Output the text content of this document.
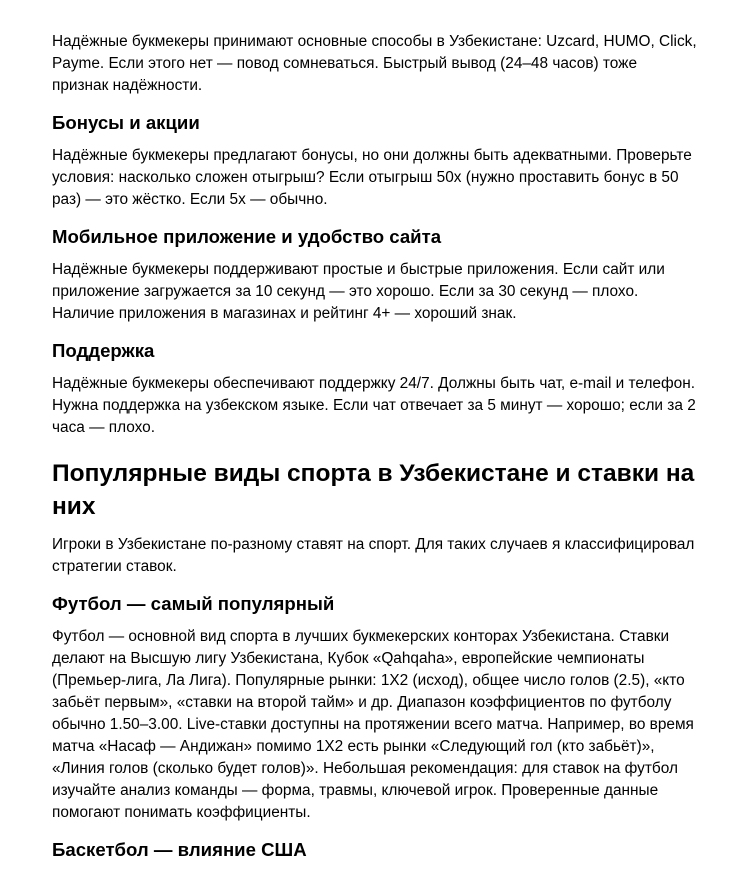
Надёжные букмекеры принимают основные способы в Узбекистане: Uzcard, HUMO, Click, Payme. Если этого нет — повод сомневаться. Быстрый вывод (24–48 часов) тоже признак надёжности.

Бонусы и акции

Надёжные букмекеры предлагают бонусы, но они должны быть адекватными. Проверьте условия: насколько сложен отыгрыш? Если отыгрыш 50x (нужно проставить бонус в 50 раз) — это жёстко. Если 5x — обычно.

Мобильное приложение и удобство сайта

Надёжные букмекеры поддерживают простые и быстрые приложения. Если сайт или приложение загружается за 10 секунд — это хорошо. Если за 30 секунд — плохо. Наличие приложения в магазинах и рейтинг 4+ — хороший знак.

Поддержка

Надёжные букмекеры обеспечивают поддержку 24/7. Должны быть чат, e-mail и телефон. Нужна поддержка на узбекском языке. Если чат отвечает за 5 минут — хорошо; если за 2 часа — плохо.

Популярные виды спорта в Узбекистане и ставки на них

Игроки в Узбекистане по-разному ставят на спорт. Для таких случаев я классифицировал стратегии ставок.

Футбол — самый популярный

Футбол — основной вид спорта в лучших букмекерских конторах Узбекистана. Ставки делают на Высшую лигу Узбекистана, Кубок «Qahqaha», европейские чемпионаты (Премьер-лига, Ла Лига). Популярные рынки: 1X2 (исход), общее число голов (2.5), «кто забьёт первым», «ставки на второй тайм» и др. Диапазон коэффициентов по футболу обычно 1.50–3.00. Live-ставки доступны на протяжении всего матча. Например, во время матча «Насаф — Андижан» помимо 1X2 есть рынки «Следующий гол (кто забьёт)», «Линия голов (сколько будет голов)». Небольшая рекомендация: для ставок на футбол изучайте анализ команды — форма, травмы, ключевой игрок. Проверенные данные помогают понимать коэффициенты.

Баскетбол — влияние США
